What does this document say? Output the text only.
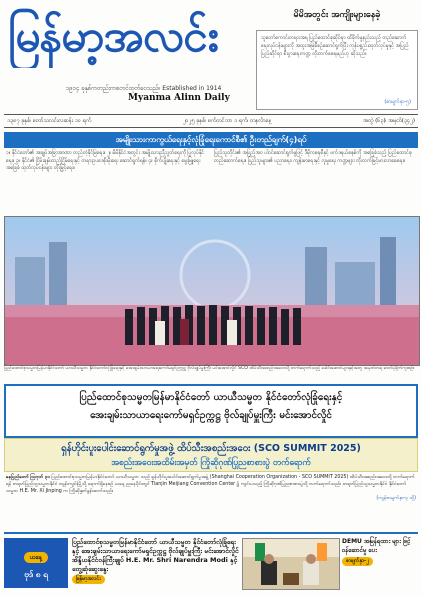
မြန်မာ့အလင်း
၁၉၁၄ ခုနှစ်ကတည်းကစတင်ထုတ်ဝေသည်။ Established in 1914
Myanma Alinn Daily
မိမိအတွင်း အကျိုးများနေခဲ့
သူတော်ကောင်းတရားအရ ပြည်ထောင်စုဆိုင်ရာ ထိခိုက်မှုနည်းသည့် တည်ဆောက်ရေးလုပ်ငန်းများကို အထူးအမြဲစီစဉ်ဆောင်ရွက်ပြီး ကုန်ပစ္စည်းထုတ်လုပ်မှုနှင့် အပြည်ပြည်ဆိုင်ရာ စီးပွားရေးကဏ္ဍ တိုးတက်စေရမည်ဟု ဆိုသည်။
(စာမျက်နှာ-၅)
၁၃၈၇ ခုနှစ်၊ တော်သလင်းလဆန်း ၁၀ ရက်	၂၀၂၅ ခုနှစ်၊ စက်တင်ဘာ ၁ ရက်၊ တနင်္လာနေ့	အတွဲ (၆၃)၊ အမှတ်(၃၄၂)
အမျိုးသားကာကွယ်ရေးနှင့်လုံခြုံရေးကောင်စီ၏ ဦးတည်ချက်(၄)ရပ်
၁။ နိုင်ငံတော်၏ အချုပ်အခြာအာဏာ တည်တံ့ခိုင်မြဲရေး။ ၂။ မိမိနိုင်ငံအတွင်း အမျိုးသားညီညွတ်ရေးကို ပြုလုပ်နိုင်ရေး။ ၃။ နိုင်ငံ၏ ငြိမ်းချမ်းတည်ငြိမ်ရေးနှင့် တရားဥပဒေစိုးမိုးရေး ဆောင်ရွက်ရန်။ ၄။ စိုက်ပျိုးရေးနှင့် မွေးမြူရေး အခြေခံ ထုတ်လုပ်ငန်းများ တိုးမြှင့်ရေး။
ပြည်သူတိုင်း၏ အပြည့်အဝ ပါဝင်ဆောင်ရွက်မှုဖြင့် ဒီမိုကရေစီနှင့် ဖက်ဒရယ်စနစ်ကို အခြေခံသည့် ပြည်ထောင်စု တည်ဆောက်ရေး။ ပြည်သူများ၏ ပညာရေး၊ ကျန်းမာရေးနှင့် လူမှုရေး ကဏ္ဍများ တိုးတက်မြင့်မားလာစေရေး။
ပြည်ထောင်စုသမ္မတမြန်မာနိုင်ငံတော် ယာယီသမ္မတ နိုင်ငံတော်လုံခြုံရေးနှင့် အေးချမ်းသာယာရေးကော်မရှင်ဥက္ကဋ္ဌ ဗိုလ်ချုပ်မှူးကြီး မင်းအောင်လှိုင် SCO ထိပ်သီးအစည်းအဝေးသို့ တက်ရောက်သည့် ခေါင်းဆောင်များနှင့်အတူ အမှတ်တရ ဓာတ်ပုံရိုက်ကူးစဉ်။
ပြည်ထောင်စုသမ္မတမြန်မာနိုင်ငံတော် ယာယီသမ္မတ နိုင်ငံတော်လုံခြုံရေးနှင့်
အေးချမ်းသာယာရေးကော်မရှင်ဥက္ကဋ္ဌ ဗိုလ်ချုပ်မှူးကြီး မင်းအောင်လှိုင်
ရှန်ဟိုင်းပူးပေါင်းဆောင်ရွက်မှုအဖွဲ့ ထိပ်သီးအစည်းအဝေး (SCO SUMMIT 2025)
အစည်းအဝေးအထိမ်းအမှတ် ကြိုဆိုဂုဏ်ပြုညစာစားပွဲ တက်ရောက်
နေပြည်တော် ဩဂုတ် ၃၁ ပြည်ထောင်စုသမ္မတမြန်မာနိုင်ငံတော် ယာယီသမ္မတ သည် ရှန်ဟိုင်းပူးပေါင်းဆောင်ရွက်မှုအဖွဲ့ (Shanghai Cooperation Organization - SCO SUMMIT 2025) ထိပ်သီးအစည်းအဝေးသို့ တက်ရောက်ရန် တရုတ်ပြည်သူ့သမ္မတနိုင်ငံ တျန်းကျင်းမြို့သို့ ရောက်ရှိနေစဉ် ယနေ့ ညနေပိုင်းတွင် Tianjin Meijiang Convention Center ၌ ကျင်းပသည့် ကြိုဆိုဂုဏ်ပြုညစာစားပွဲသို့ တက်ရောက်သည်။ တရုတ်ပြည်သူ့သမ္မတနိုင်ငံ နိုင်ငံတော်သမ္မတ H.E. Mr. Xi Jinping က ကြိုဆိုနှုတ်ခွန်းဆက်သည်။
(ကျန်စာမျက်နှာ-၃ သို့)
ယနေ့
ဗုဒ် ၈ ရ
ပြည်ထောင်စုသမ္မတမြန်မာနိုင်ငံတော် ယာယီသမ္မတ နိုင်ငံတော်လုံခြုံရေးနှင့် အေးချမ်းသာယာရေးကော်မရှင်ဥက္ကဋ္ဌ ဗိုလ်ချုပ်မှူးကြီး မင်းအောင်လှိုင် အိန္ဒိယနိုင်ငံဝန်ကြီးချုပ် H.E. Mr. Shri Narendra Modi နှင့် တွေ့ဆုံဆွေးနွေး
မြန်မာ့အလင်း
DEMU အမြန်ရထား များ ဖြင့် ဝန်ဆောင်မှု ပေး
စာမျက်နှာ-၂
